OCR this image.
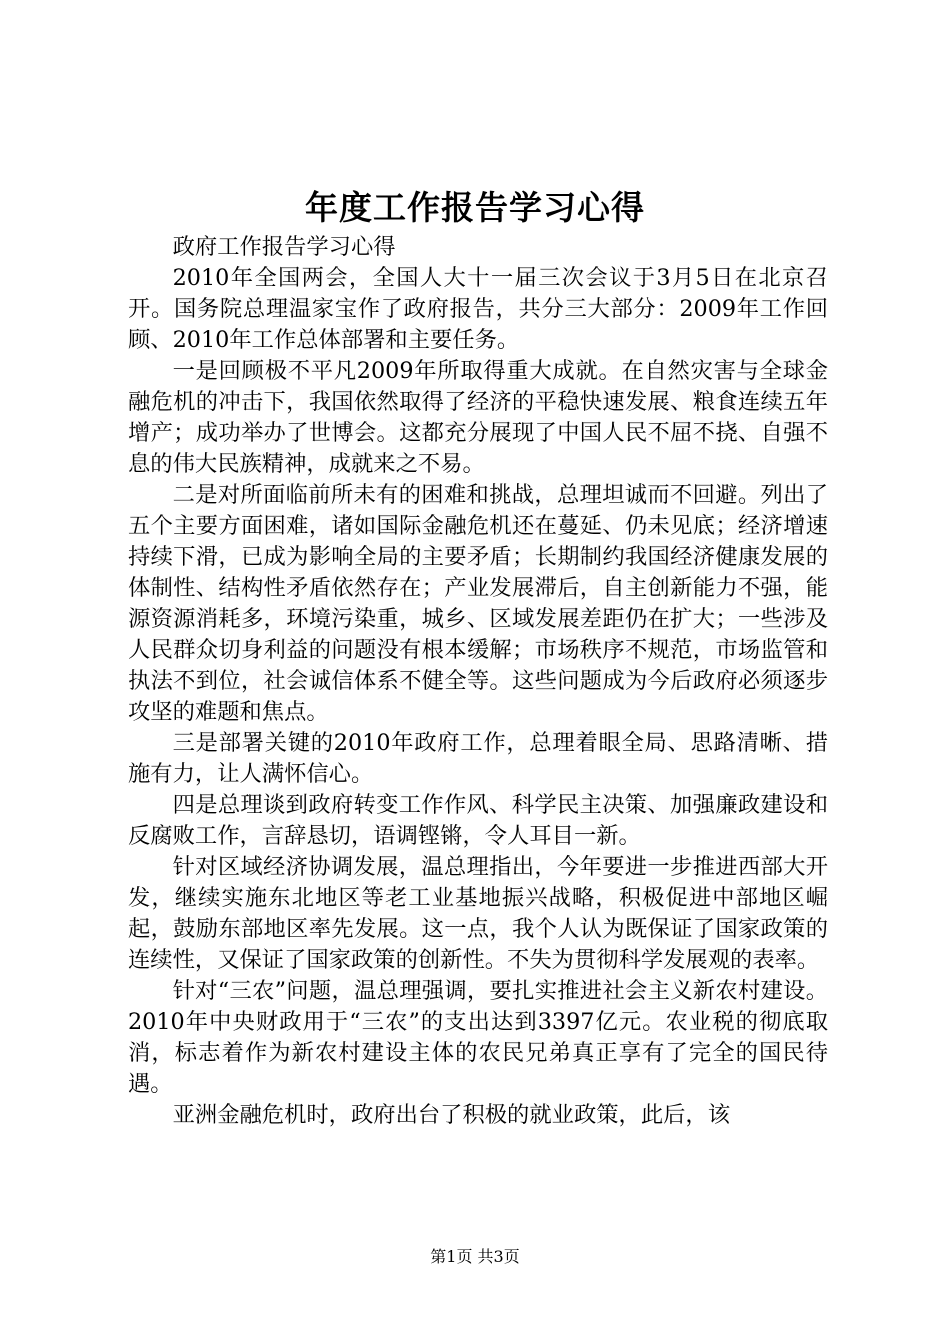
年度工作报告学习心得

政府工作报告学习心得

2010年全国两会，全国人大十一届三次会议于3月5日在北京召开。国务院总理温家宝作了政府报告，共分三大部分：2009年工作回顾、2010年工作总体部署和主要任务。

一是回顾极不平凡2009年所取得重大成就。在自然灾害与全球金融危机的冲击下，我国依然取得了经济的平稳快速发展、粮食连续五年增产；成功举办了世博会。这都充分展现了中国人民不屈不挠、自强不息的伟大民族精神，成就来之不易。

二是对所面临前所未有的困难和挑战，总理坦诚而不回避。列出了五个主要方面困难，诸如国际金融危机还在蔓延、仍未见底；经济增速持续下滑，已成为影响全局的主要矛盾；长期制约我国经济健康发展的体制性、结构性矛盾依然存在；产业发展滞后，自主创新能力不强，能源资源消耗多，环境污染重，城乡、区域发展差距仍在扩大；一些涉及人民群众切身利益的问题没有根本缓解；市场秩序不规范，市场监管和执法不到位，社会诚信体系不健全等。这些问题成为今后政府必须逐步攻坚的难题和焦点。

三是部署关键的2010年政府工作，总理着眼全局、思路清晰、措施有力，让人满怀信心。

四是总理谈到政府转变工作作风、科学民主决策、加强廉政建设和反腐败工作，言辞恳切，语调铿锵，令人耳目一新。

针对区域经济协调发展，温总理指出，今年要进一步推进西部大开发，继续实施东北地区等老工业基地振兴战略，积极促进中部地区崛起，鼓励东部地区率先发展。这一点，我个人认为既保证了国家政策的连续性，又保证了国家政策的创新性。不失为贯彻科学发展观的表率。

针对“三农”问题，温总理强调，要扎实推进社会主义新农村建设。2010年中央财政用于“三农”的支出达到3397亿元。农业税的彻底取消，标志着作为新农村建设主体的农民兄弟真正享有了完全的国民待遇。

亚洲金融危机时，政府出台了积极的就业政策，此后，该

第1页 共3页
